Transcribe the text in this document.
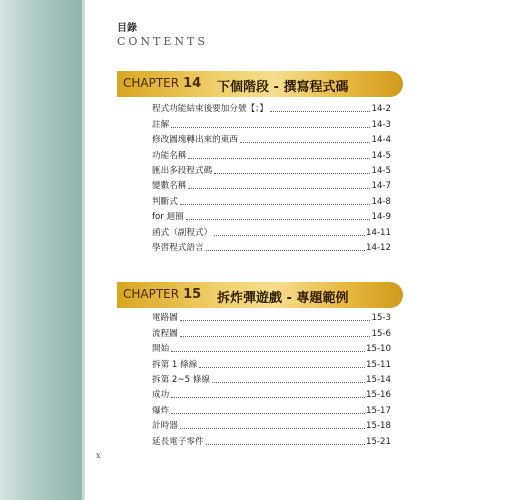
目錄
CONTENTS
CHAPTER 14 下個階段 - 撰寫程式碼
程式功能結束後要加分號【；】	14-2
註解	14-3
修改圖塊轉出來的東西	14-4
功能名稱	14-5
匯出多段程式碼	14-5
變數名稱	14-7
判斷式	14-8
for 迴圈	14-9
函式（副程式）	14-11
學習程式語言	14-12
CHAPTER 15 拆炸彈遊戲 - 專題範例
電路圖	15-3
流程圖	15-6
開始	15-10
拆第 1 條線	15-11
拆第 2~5 條線	15-14
成功	15-16
爆炸	15-17
計時器	15-18
延長電子零件	15-21
x
